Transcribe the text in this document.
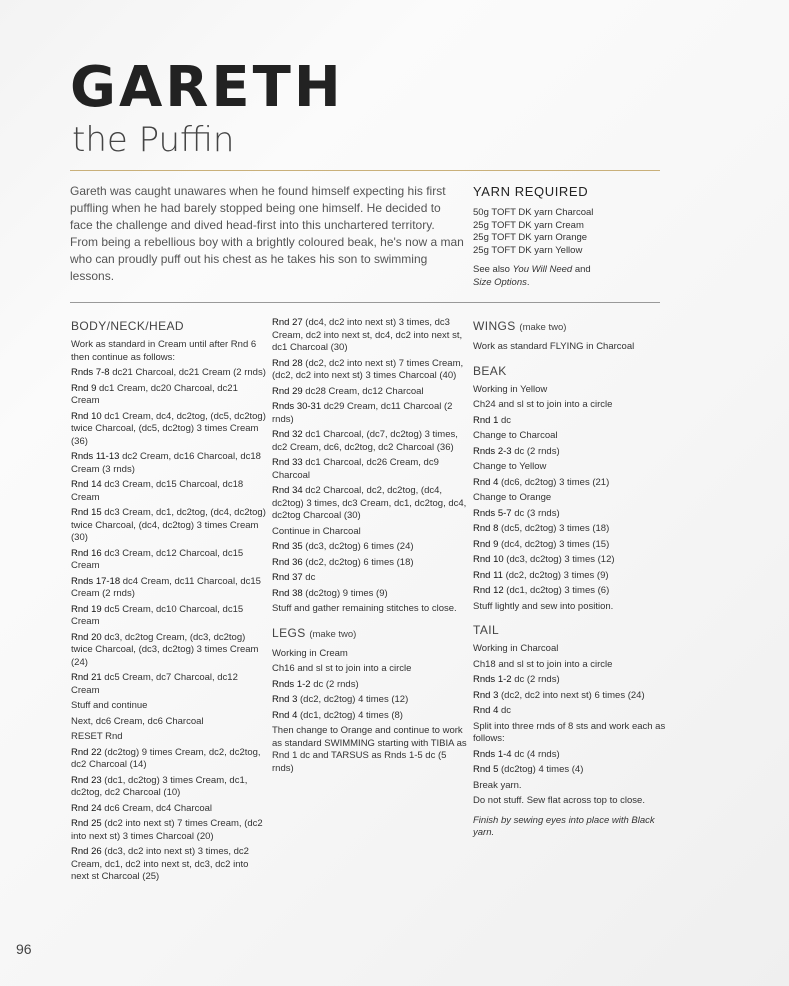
GARETH
the Puffin

Gareth was caught unawares when he found himself expecting his first puffling when he had barely stopped being one himself. He decided to face the challenge and dived head-first into this unchartered territory. From being a rebellious boy with a brightly coloured beak, he's now a man who can proudly puff out his chest as he takes his son to swimming lessons.

YARN REQUIRED
50g TOFT DK yarn Charcoal
25g TOFT DK yarn Cream
25g TOFT DK yarn Orange
25g TOFT DK yarn Yellow

See also You Will Need and
Size Options.

BODY/NECK/HEAD

Work as standard in Cream until after Rnd 6 then continue as follows:

Rnds 7-8 dc21 Charcoal, dc21 Cream (2 rnds)

Rnd 9 dc1 Cream, dc20 Charcoal, dc21 Cream

Rnd 10 dc1 Cream, dc4, dc2tog, (dc5, dc2tog) twice Charcoal, (dc5, dc2tog) 3 times Cream (36)

Rnds 11-13 dc2 Cream, dc16 Charcoal, dc18 Cream (3 rnds)

Rnd 14 dc3 Cream, dc15 Charcoal, dc18 Cream

Rnd 15 dc3 Cream, dc1, dc2tog, (dc4, dc2tog) twice Charcoal, (dc4, dc2tog) 3 times Cream (30)

Rnd 16 dc3 Cream, dc12 Charcoal, dc15 Cream

Rnds 17-18 dc4 Cream, dc11 Charcoal, dc15 Cream (2 rnds)

Rnd 19 dc5 Cream, dc10 Charcoal, dc15 Cream

Rnd 20 dc3, dc2tog Cream, (dc3, dc2tog) twice Charcoal, (dc3, dc2tog) 3 times Cream (24)

Rnd 21 dc5 Cream, dc7 Charcoal, dc12 Cream

Stuff and continue

Next, dc6 Cream, dc6 Charcoal

RESET Rnd

Rnd 22 (dc2tog) 9 times Cream, dc2, dc2tog, dc2 Charcoal (14)

Rnd 23 (dc1, dc2tog) 3 times Cream, dc1, dc2tog, dc2 Charcoal (10)

Rnd 24 dc6 Cream, dc4 Charcoal

Rnd 25 (dc2 into next st) 7 times Cream, (dc2 into next st) 3 times Charcoal (20)

Rnd 26 (dc3, dc2 into next st) 3 times, dc2 Cream, dc1, dc2 into next st, dc3, dc2 into next st Charcoal (25)

Rnd 27 (dc4, dc2 into next st) 3 times, dc3 Cream, dc2 into next st, dc4, dc2 into next st, dc1 Charcoal (30)

Rnd 28 (dc2, dc2 into next st) 7 times Cream, (dc2, dc2 into next st) 3 times Charcoal (40)

Rnd 29 dc28 Cream, dc12 Charcoal

Rnds 30-31 dc29 Cream, dc11 Charcoal (2 rnds)

Rnd 32 dc1 Charcoal, (dc7, dc2tog) 3 times, dc2 Cream, dc6, dc2tog, dc2 Charcoal (36)

Rnd 33 dc1 Charcoal, dc26 Cream, dc9 Charcoal

Rnd 34 dc2 Charcoal, dc2, dc2tog, (dc4, dc2tog) 3 times, dc3 Cream, dc1, dc2tog, dc4, dc2tog Charcoal (30)

Continue in Charcoal

Rnd 35 (dc3, dc2tog) 6 times (24)

Rnd 36 (dc2, dc2tog) 6 times (18)

Rnd 37 dc

Rnd 38 (dc2tog) 9 times (9)

Stuff and gather remaining stitches to close.

LEGS (make two)

Working in Cream

Ch16 and sl st to join into a circle

Rnds 1-2 dc (2 rnds)

Rnd 3 (dc2, dc2tog) 4 times (12)

Rnd 4 (dc1, dc2tog) 4 times (8)

Then change to Orange and continue to work as standard SWIMMING starting with TIBIA as Rnd 1 dc and TARSUS as Rnds 1-5 dc (5 rnds)

WINGS (make two)

Work as standard FLYING in Charcoal

BEAK

Working in Yellow

Ch24 and sl st to join into a circle

Rnd 1 dc

Change to Charcoal

Rnds 2-3 dc (2 rnds)

Change to Yellow

Rnd 4 (dc6, dc2tog) 3 times (21)

Change to Orange

Rnds 5-7 dc (3 rnds)

Rnd 8 (dc5, dc2tog) 3 times (18)

Rnd 9 (dc4, dc2tog) 3 times (15)

Rnd 10 (dc3, dc2tog) 3 times (12)

Rnd 11 (dc2, dc2tog) 3 times (9)

Rnd 12 (dc1, dc2tog) 3 times (6)

Stuff lightly and sew into position.

TAIL

Working in Charcoal

Ch18 and sl st to join into a circle

Rnds 1-2 dc (2 rnds)

Rnd 3 (dc2, dc2 into next st) 6 times (24)

Rnd 4 dc

Split into three rnds of 8 sts and work each as follows:

Rnds 1-4 dc (4 rnds)

Rnd 5 (dc2tog) 4 times (4)

Break yarn.

Do not stuff. Sew flat across top to close.

Finish by sewing eyes into place with Black yarn.

96
